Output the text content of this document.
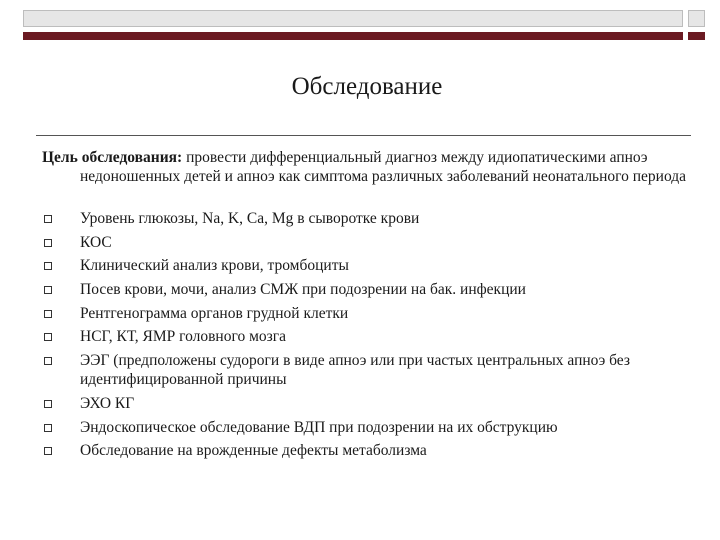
Обследование
Цель обследования: провести дифференциальный диагноз между идиопатическими апноэ недоношенных детей и апноэ как симптома различных заболеваний неонатального периода
Уровень глюкозы, Na, K, Ca, Mg в сыворотке крови
КОС
Клинический анализ крови, тромбоциты
Посев крови, мочи, анализ СМЖ при подозрении на бак. инфекции
Рентгенограмма органов грудной клетки
НСГ, КТ, ЯМР головного мозга
ЭЭГ (предположены судороги в виде апноэ или при частых центральных апноэ без идентифицированной причины
ЭХО КГ
Эндоскопическое обследование ВДП при подозрении на их обструкцию
Обследование на врожденные дефекты метаболизма
